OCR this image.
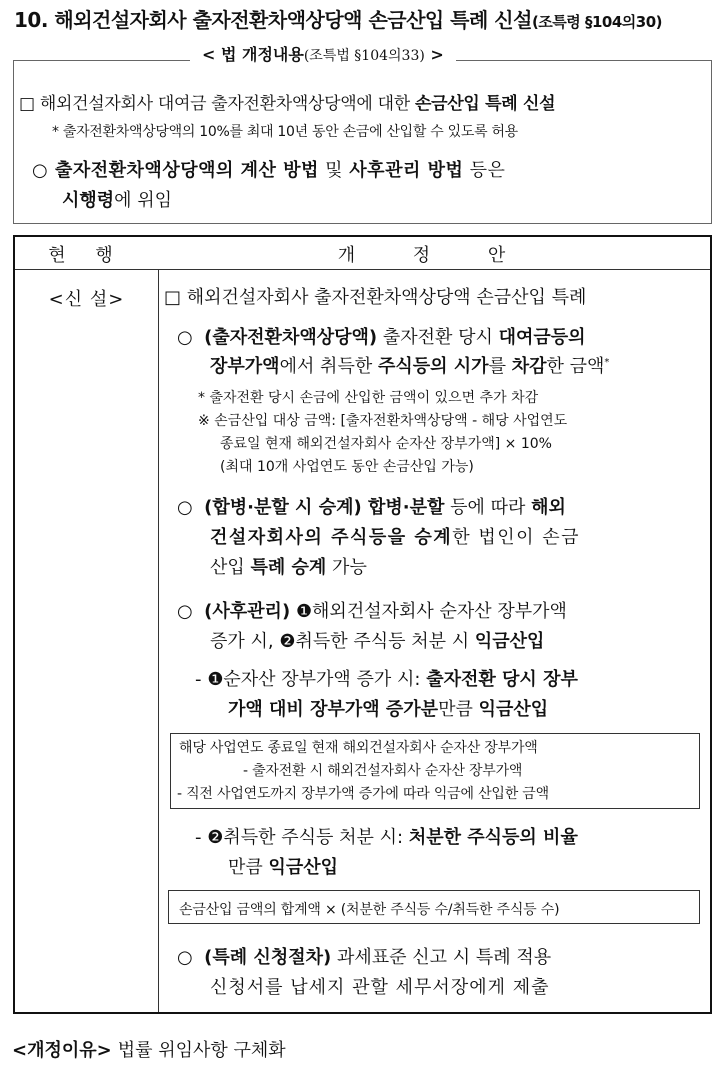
10. 해외건설자회사 출자전환차액상당액 손금산입 특례 신설(조특령 §104의30)
< 법 개정내용(조특법 §104의33) >
□ 해외건설자회사 대여금 출자전환차액상당액에 대한 손금산입 특례 신설
* 출자전환차액상당액의 10%를 최대 10년 동안 손금에 산입할 수 있도록 허용
○ 출자전환차액상당액의 계산 방법 및 사후관리 방법 등은
시행령에 위임
현 행	개 정 안
<신 설>	□ 해외건설자회사 출자전환차액상당액 손금산입 특례
○ (출자전환차액상당액) 출자전환 당시 대여금등의
장부가액에서 취득한 주식등의 시가를 차감한 금액*
* 출자전환 당시 손금에 산입한 금액이 있으면 추가 차감
※ 손금산입 대상 금액: [출자전환차액상당액 - 해당 사업연도
종료일 현재 해외건설자회사 순자산 장부가액] × 10%
(최대 10개 사업연도 동안 손금산입 가능)
○ (합병·분할 시 승계) 합병·분할 등에 따라 해외
건설자회사의 주식등을 승계한 법인이 손금
산입 특례 승계 가능
○ (사후관리) ❶해외건설자회사 순자산 장부가액
증가 시, ❷취득한 주식등 처분 시 익금산입
- ❶순자산 장부가액 증가 시: 출자전환 당시 장부
가액 대비 장부가액 증가분만큼 익금산입
해당 사업연도 종료일 현재 해외건설자회사 순자산 장부가액
- 출자전환 시 해외건설자회사 순자산 장부가액
- 직전 사업연도까지 장부가액 증가에 따라 익금에 산입한 금액
- ❷취득한 주식등 처분 시: 처분한 주식등의 비율
만큼 익금산입
손금산입 금액의 합계액 × (처분한 주식등 수/취득한 주식등 수)
○ (특례 신청절차) 과세표준 신고 시 특례 적용
신청서를 납세지 관할 세무서장에게 제출
<개정이유> 법률 위임사항 구체화
